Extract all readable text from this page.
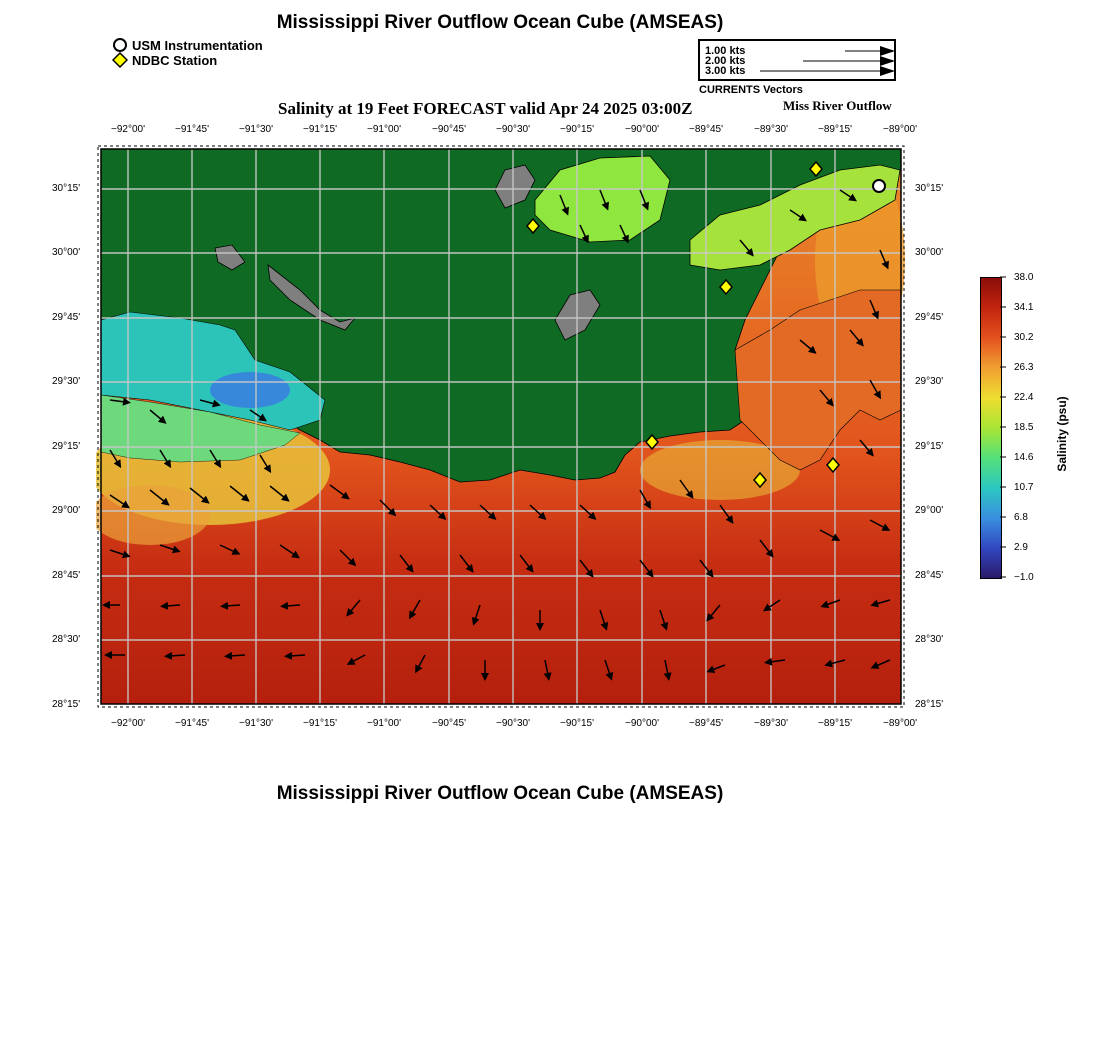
Mississippi River Outflow Ocean Cube (AMSEAS)
USM Instrumentation
NDBC Station
1.00 kts
2.00 kts
3.00 kts
CURRENTS Vectors
Salinity at 19 Feet FORECAST valid Apr 24 2025 03:00Z	Miss River Outflow
−92°00'	−91°45'	−91°30'	−91°15'	−91°00'	−90°45'	−90°30'	−90°15'	−90°00'	−89°45'	−89°30'	−89°15'	−89°00'
−92°00'	−91°45'	−91°30'	−91°15'	−91°00'	−90°45'	−90°30'	−90°15'	−90°00'	−89°45'	−89°30'	−89°15'	−89°00'
30°15'
30°00'
29°45'
29°30'
29°15'
29°00'
28°45'
28°30'
28°15'
30°15'
30°00'
29°45'
29°30'
29°15'
29°00'
28°45'
28°30'
28°15'
38.0
34.1
30.2
26.3
22.4
18.5
14.6
10.7
6.8
2.9
−1.0
Salinity (psu)
Mississippi River Outflow Ocean Cube (AMSEAS)
